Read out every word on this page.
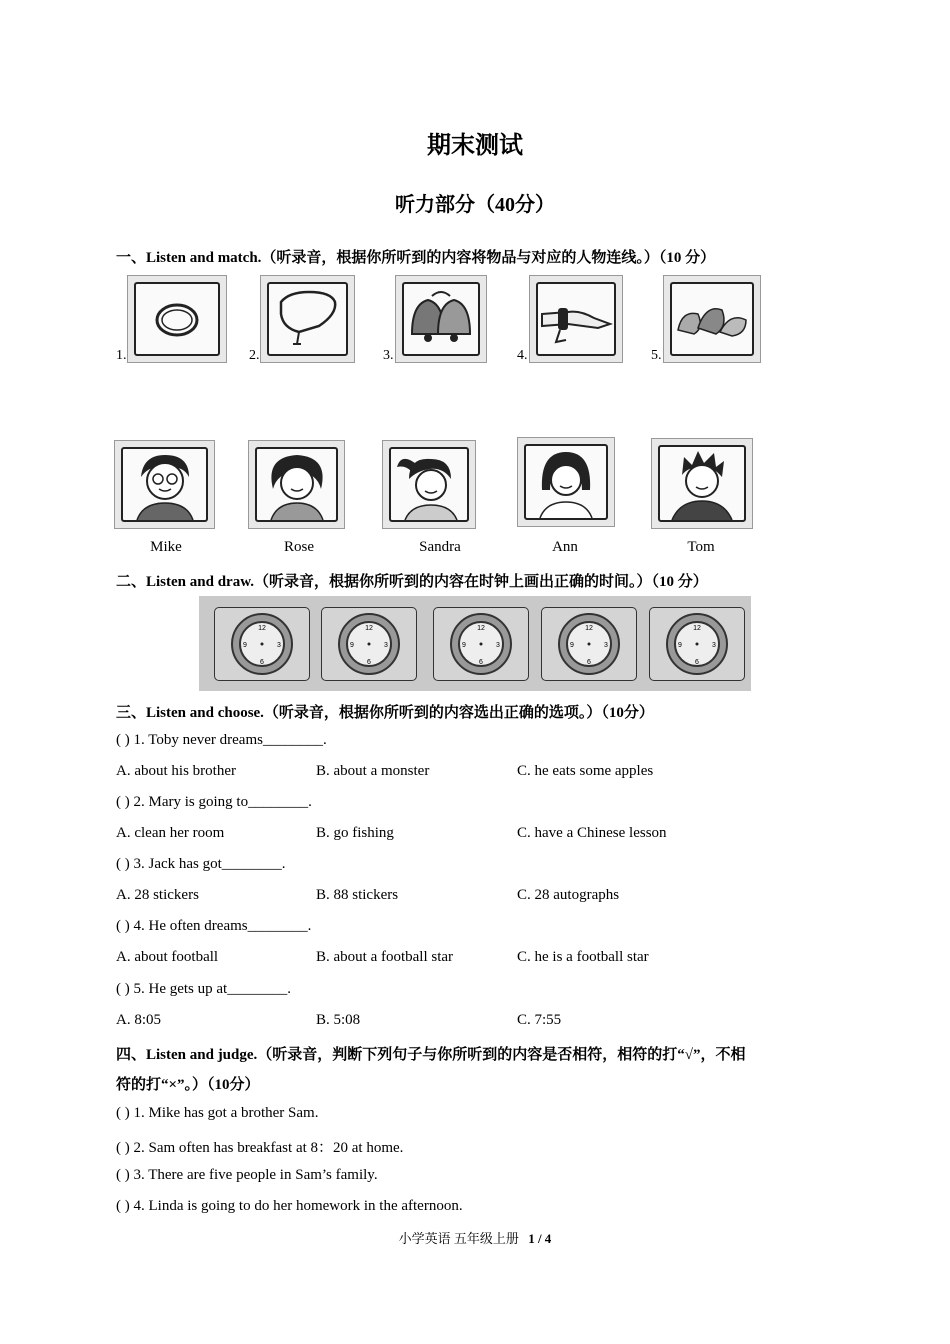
期末测试
听力部分（40分）
一、Listen and match.（听录音，根据你所听到的内容将物品与对应的人物连线。）（10 分）
1.	2.	3.	4.	5.
Mike	Rose	Sandra	Ann	Tom
二、Listen and draw.（听录音，根据你所听到的内容在时钟上画出正确的时间。）（10 分）
12
6
9	3
12
6
9	3
12
6
9	3
12
6
9	3
12
6
9	3
三、Listen and choose.（听录音，根据你所听到的内容选出正确的选项。）（10分）
( ) 1. Toby never dreams________.
A. about his brother	B. about a monster	C. he eats some apples
( ) 2. Mary is going to________.
A. clean her room	B. go fishing	C. have a Chinese lesson
( ) 3. Jack has got________.
A. 28 stickers	B. 88 stickers	C. 28 autographs
( ) 4. He often dreams________.
A. about football	B. about a football star	C. he is a football star
( ) 5. He gets up at________.
A. 8:05	B. 5:08	C. 7:55
四、Listen and judge.（听录音，判断下列句子与你所听到的内容是否相符，相符的打“√”，不相
符的打“×”。）（10分）
( ) 1. Mike has got a brother Sam.
( ) 2. Sam often has breakfast at 8：20 at home.
( ) 3. There are five people in Sam’s family.
( ) 4. Linda is going to do her homework in the afternoon.
小学英语 五年级上册 1 / 4
